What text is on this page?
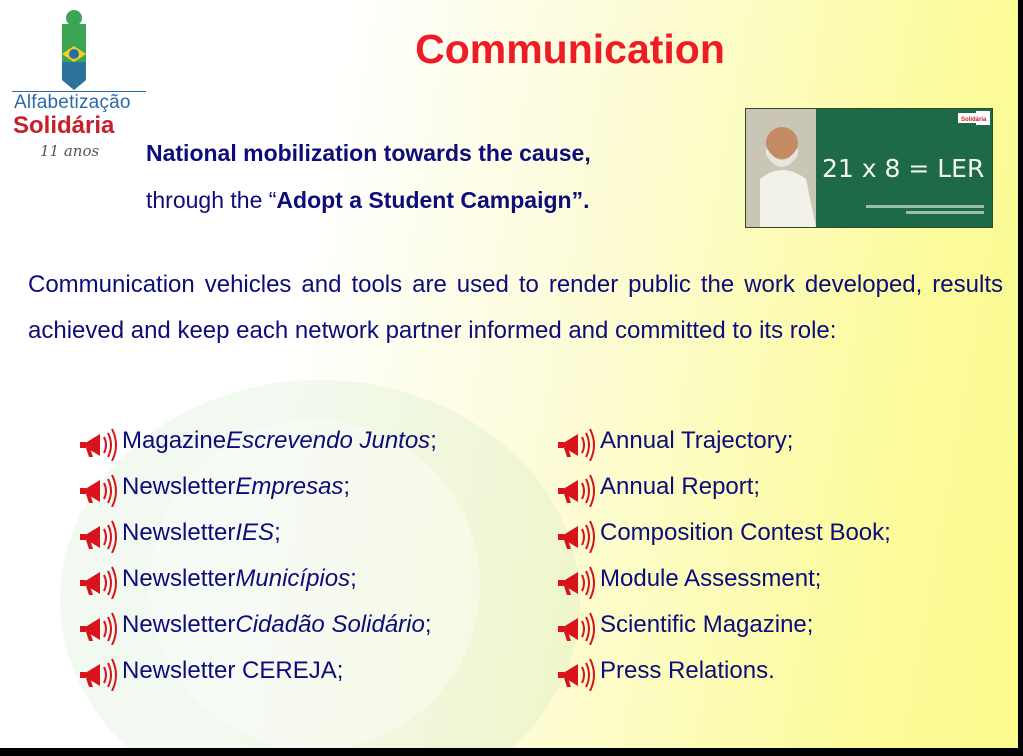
Alfabetização
Solidária
11 anos
Communication
National mobilization towards the cause,
through the “Adopt a Student Campaign”.
Solidária
21 x 8 = LER
Communication vehicles and tools are used to render public the work developed, results achieved and keep each network partner informed and committed to its role:
Magazine Escrevendo Juntos ;
Newsletter Empresas ;
Newsletter IES ;
Newsletter Municípios ;
Newsletter Cidadão Solidário ;
Newsletter CEREJA;
Annual Trajectory;
Annual Report;
Composition Contest Book;
Module Assessment;
Scientific Magazine;
Press Relations.
